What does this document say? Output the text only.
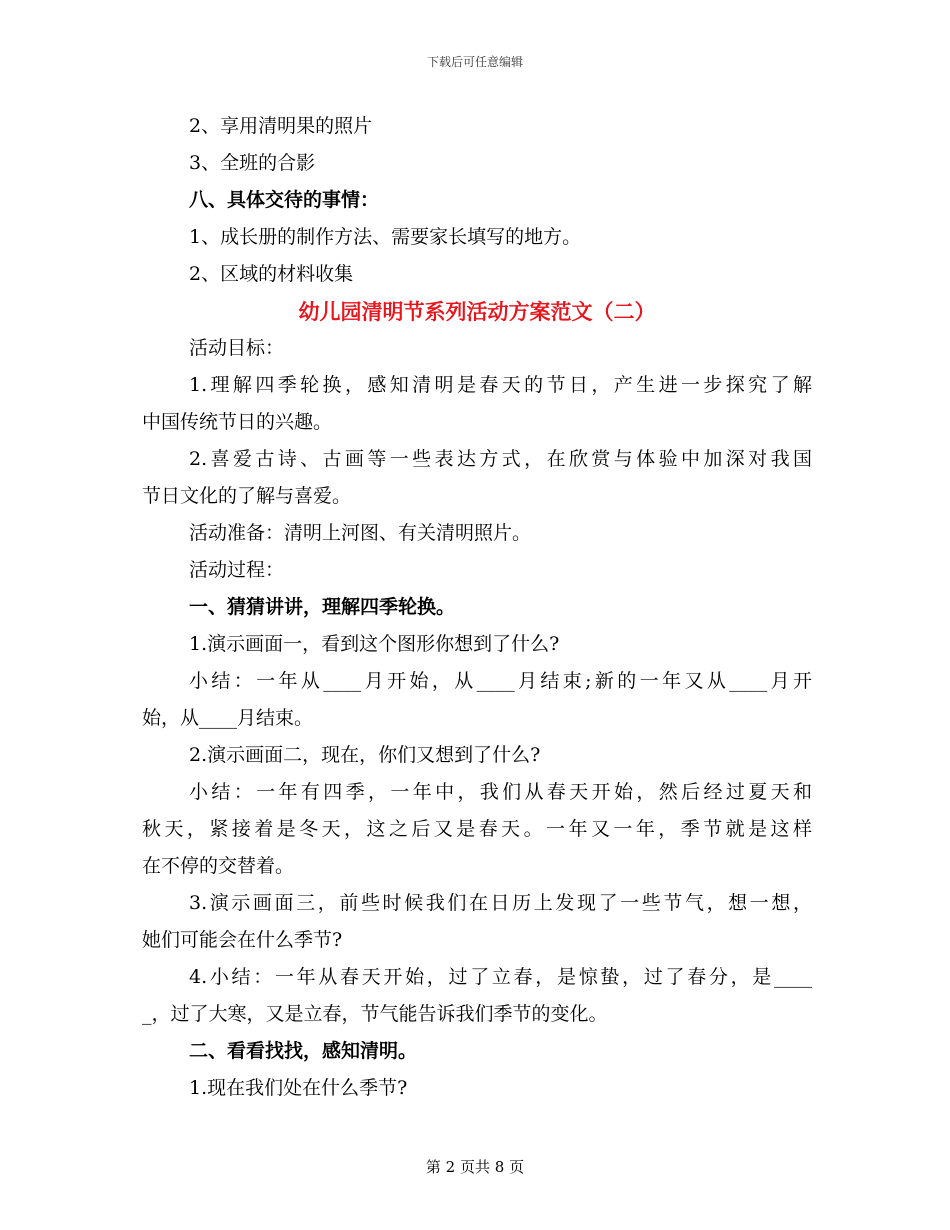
下载后可任意编辑
2、享用清明果的照片
3、全班的合影
八、具体交待的事情：
1、成长册的制作方法、需要家长填写的地方。
2、区域的材料收集
幼儿园清明节系列活动方案范文（二）
活动目标：
1.理解四季轮换，感知清明是春天的节日，产生进一步探究了解
中国传统节日的兴趣。
2.喜爱古诗、古画等一些表达方式，在欣赏与体验中加深对我国
节日文化的了解与喜爱。
活动准备：清明上河图、有关清明照片。
活动过程：
一、猜猜讲讲，理解四季轮换。
1.演示画面一，看到这个图形你想到了什么?
小结：一年从____月开始，从____月结束;新的一年又从____月开
始，从____月结束。
2.演示画面二，现在，你们又想到了什么?
小结：一年有四季，一年中，我们从春天开始，然后经过夏天和
秋天，紧接着是冬天，这之后又是春天。一年又一年，季节就是这样
在不停的交替着。
3.演示画面三，前些时候我们在日历上发现了一些节气，想一想，
她们可能会在什么季节?
4.小结：一年从春天开始，过了立春，是惊蛰，过了春分，是____
_，过了大寒，又是立春，节气能告诉我们季节的变化。
二、看看找找，感知清明。
1.现在我们处在什么季节?
第 2 页共 8 页
